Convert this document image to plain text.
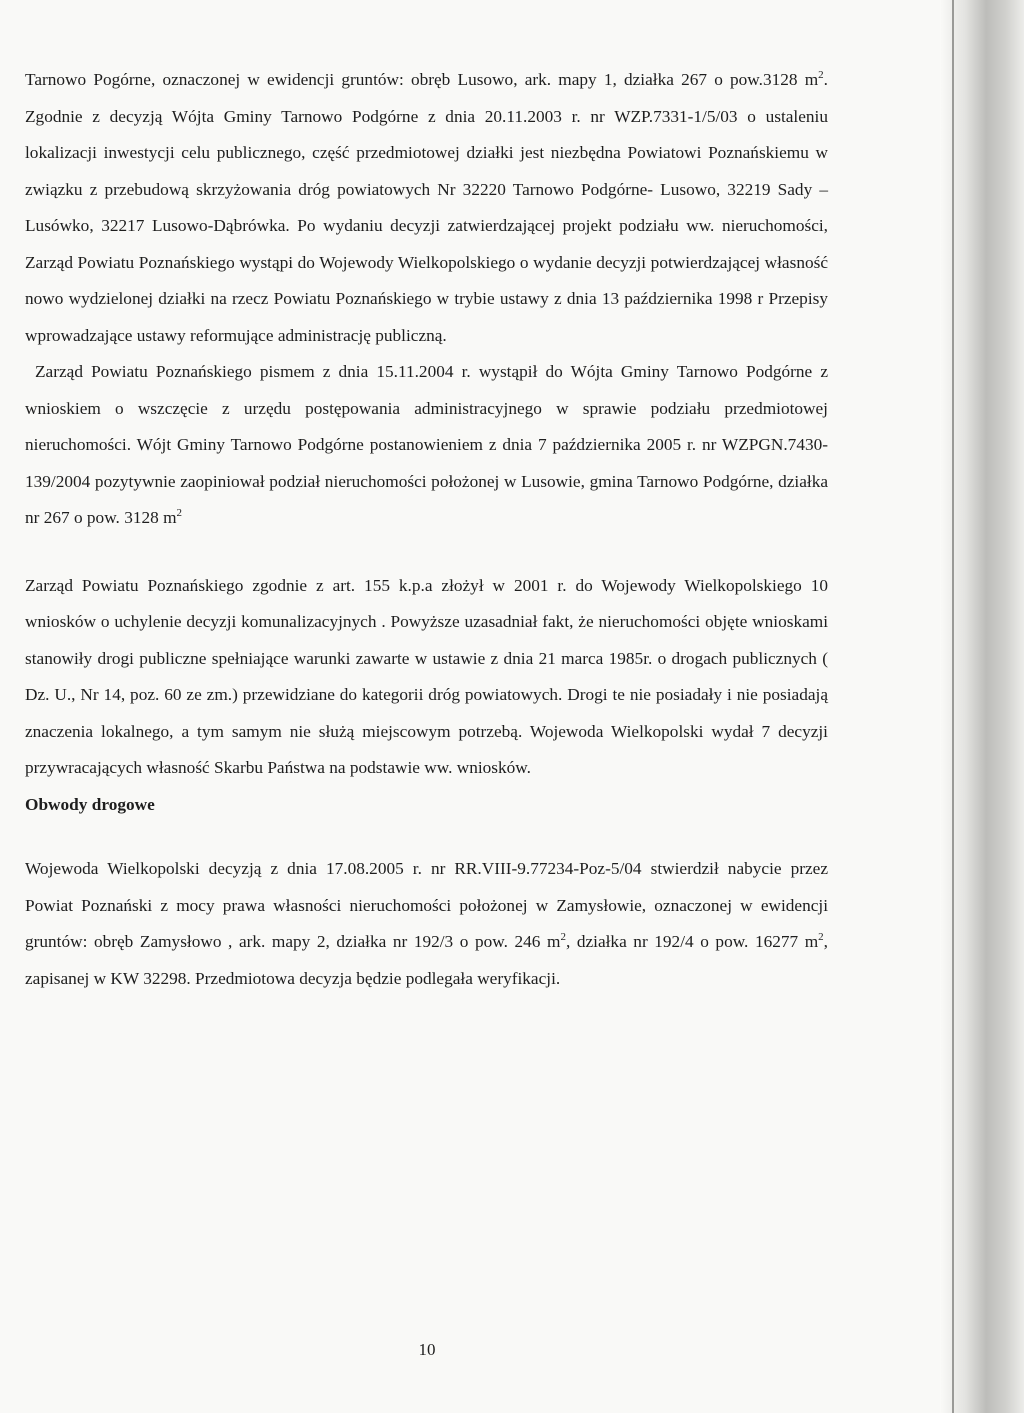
Tarnowo Pogórne, oznaczonej w ewidencji gruntów: obręb Lusowo, ark. mapy 1, działka 267 o pow.3128 $m^2$. Zgodnie z decyzją Wójta Gminy Tarnowo Podgórne z dnia 20.11.2003 r. nr WZP.7331-1/5/03 o ustaleniu lokalizacji inwestycji celu publicznego, część przedmiotowej działki jest niezbędna Powiatowi Poznańskiemu w związku z przebudową skrzyżowania dróg powiatowych Nr 32220 Tarnowo Podgórne- Lusowo, 32219 Sady – Lusówko, 32217 Lusowo-Dąbrówka. Po wydaniu decyzji zatwierdzającej projekt podziału ww. nieruchomości, Zarząd Powiatu Poznańskiego wystąpi do Wojewody Wielkopolskiego o wydanie decyzji potwierdzającej własność nowo wydzielonej działki na rzecz Powiatu Poznańskiego w trybie ustawy z dnia 13 października 1998 r Przepisy wprowadzające ustawy reformujące administrację publiczną.

Zarząd Powiatu Poznańskiego pismem z dnia 15.11.2004 r. wystąpił do Wójta Gminy Tarnowo Podgórne z wnioskiem o wszczęcie z urzędu postępowania administracyjnego w sprawie podziału przedmiotowej nieruchomości. Wójt Gminy Tarnowo Podgórne postanowieniem z dnia 7 października 2005 r. nr WZPGN.7430-139/2004 pozytywnie zaopiniował podział nieruchomości położonej w Lusowie, gmina Tarnowo Podgórne, działka nr 267 o pow. 3128 $m^2$

Zarząd Powiatu Poznańskiego zgodnie z art. 155 k.p.a złożył w 2001 r. do Wojewody Wielkopolskiego 10 wniosków o uchylenie decyzji komunalizacyjnych . Powyższe uzasadniał fakt, że nieruchomości objęte wnioskami stanowiły drogi publiczne spełniające warunki zawarte w ustawie z dnia 21 marca 1985r. o drogach publicznych ( Dz. U., Nr 14, poz. 60 ze zm.) przewidziane do kategorii dróg powiatowych. Drogi te nie posiadały i nie posiadają znaczenia lokalnego, a tym samym nie służą miejscowym potrzebą. Wojewoda Wielkopolski wydał 7 decyzji przywracających własność Skarbu Państwa na podstawie ww. wniosków.

Obwody drogowe

Wojewoda Wielkopolski decyzją z dnia 17.08.2005 r. nr RR.VIII-9.77234-Poz-5/04 stwierdził nabycie przez Powiat Poznański z mocy prawa własności nieruchomości położonej w Zamysłowie, oznaczonej w ewidencji gruntów: obręb Zamysłowo , ark. mapy 2, działka nr 192/3 o pow. 246 $m^2$, działka nr 192/4 o pow. 16277 $m^2$, zapisanej w KW 32298. Przedmiotowa decyzja będzie podlegała weryfikacji.

10
